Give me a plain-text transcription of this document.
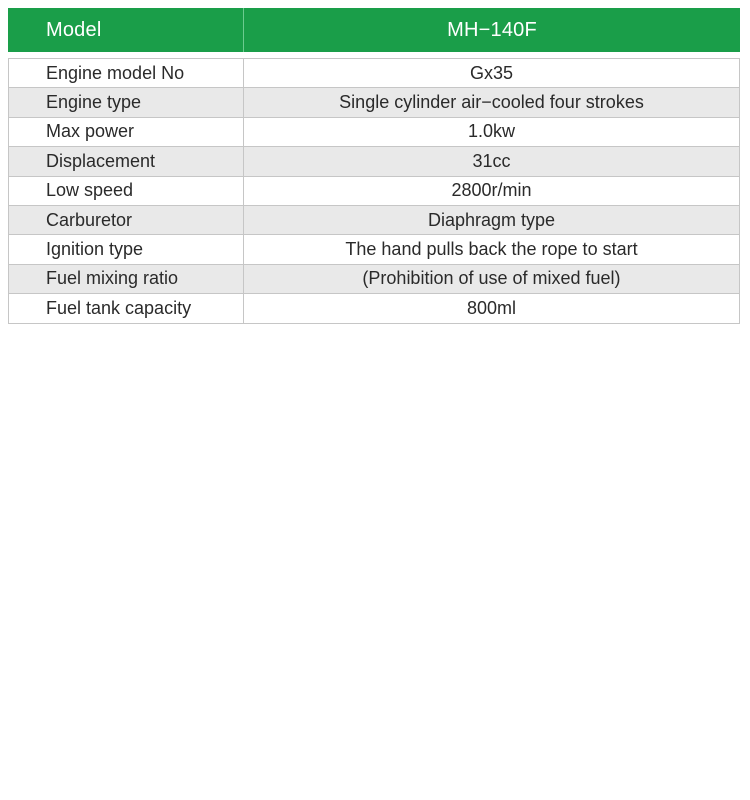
Model	MH−140F
Engine model No	Gx35
Engine type	Single cylinder air−cooled four strokes
Max power	1.0kw
Displacement	31cc
Low speed	2800r/min
Carburetor	Diaphragm type
Ignition type	The hand pulls back the rope to start
Fuel mixing ratio	(Prohibition of use of mixed fuel)
Fuel tank capacity	800ml
